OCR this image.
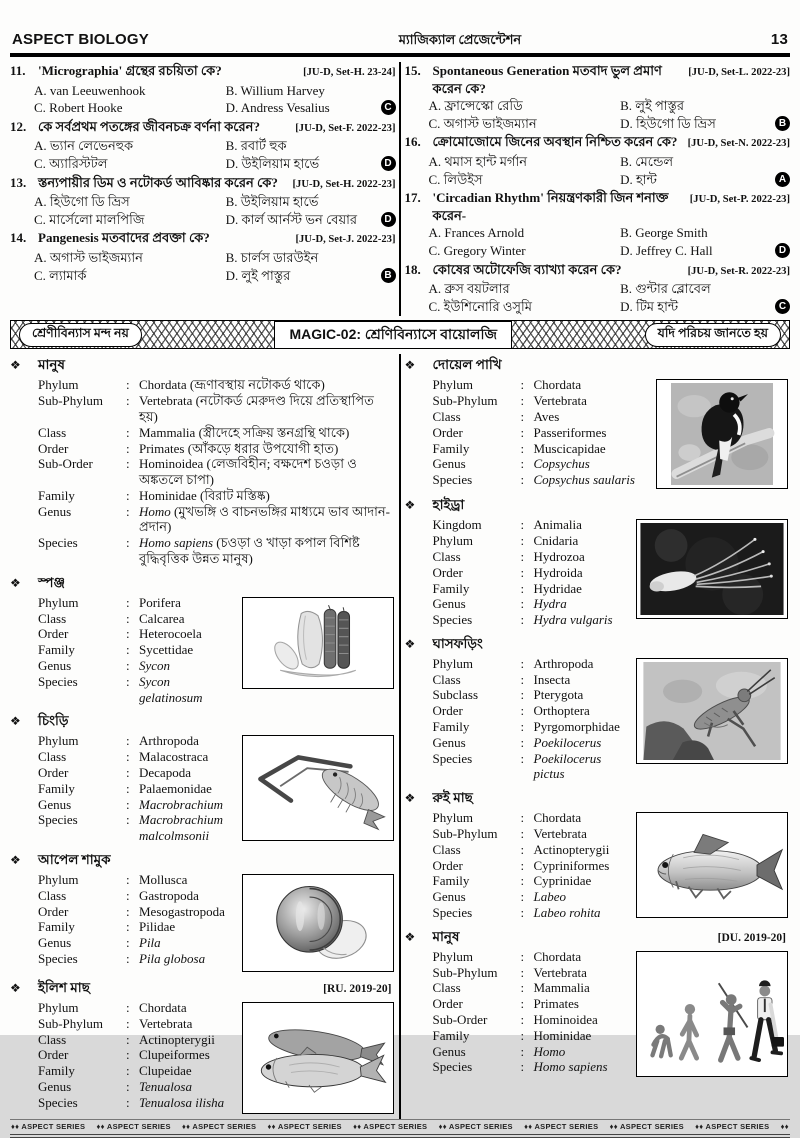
ASPECT BIOLOGY	ম্যাজিক্যাল প্রেজেন্টেশন	13
11. 'Micrographia' গ্রন্থের রচয়িতা কে?	[JU-D, Set-H. 23-24]
A. van Leeuwenhook	B. Willium Harvey
C. Robert Hooke	D. Andress Vesalius	C
12. কে সর্বপ্রথম পতঙ্গের জীবনচক্র বর্ণনা করেন?	[JU-D, Set-F. 2022-23]
A. ভ্যান লেভেনহুক	B. রবার্ট হুক
C. অ্যারিস্টটল	D. উইলিয়াম হার্ভে	D
13. স্তন্যপায়ীর ডিম ও নটোকর্ড আবিষ্কার করেন কে? [JU-D, Set-H. 2022-23]
A. হিউগো ডি ভ্রিস	B. উইলিয়াম হার্ভে
C. মার্সেলো মালপিজি	D. কার্ল আর্নস্ট ভন বেয়ার	D
14. Pangenesis মতবাদের প্রবক্তা কে?	[JU-D, Set-J. 2022-23]
A. অগাস্ট ভাইজম্যান	B. চার্লস ডারউইন
C. ল্যামার্ক	D. লুই পাস্তুর	B
15. Spontaneous Generation মতবাদ ভুল প্রমাণ করেন কে?
[JU-D, Set-L. 2022-23]
A. ফ্রান্সেস্কো রেডি	B. লুই পাস্তুর
C. অগাস্ট ভাইজম্যান	D. হিউগো ডি ভ্রিস	B
16. ক্রোমোজোমে জিনের অবস্থান নিশ্চিত করেন কে? [JU-D, Set-N. 2022-23]
A. থমাস হান্ট মর্গান	B. মেন্ডেল
C. লিউইস	D. হান্ট	A
17. 'Circadian Rhythm' নিয়ন্ত্রণকারী জিন শনাক্ত করেন-
[JU-D, Set-P. 2022-23]
A. Frances Arnold	B. George Smith
C. Gregory Winter	D. Jeffrey C. Hall	D
18. কোষের অটোফেজি ব্যাখ্যা করেন কে?	[JU-D, Set-R. 2022-23]
A. ব্রুস বয়টলার	B. গুন্টার ব্লোবেল
C. ইউশিনোরি ওসুমি	D. টিম হান্ট	C
শ্রেণীবিন্যাস মন্দ নয়	MAGIC-02: শ্রেণিবিন্যাসে বায়োলজি	যদি পরিচয় জানতে হয়
❖	মানুষ
Phylum	: Chordata (ভ্রূণাবস্থায় নটোকর্ড থাকে)
Sub-Phylum	: Vertebrata (নটোকর্ড মেরুদণ্ড দিয়ে প্রতিস্থাপিত হয়)
Class	: Mammalia (স্ত্রীদেহে সক্রিয় স্তনগ্রন্থি থাকে)
Order	: Primates (আঁকড়ে ধরার উপযোগী হাত)
Sub-Order	: Hominoidea (লেজবিহীন; বক্ষদেশ চওড়া ও অঙ্কতলে চাপা)
Family	: Hominidae (বিরাট মস্তিষ্ক)
Genus	: Homo (মুখভঙ্গি ও বাচনভঙ্গির মাধ্যমে ভাব আদান-প্রদান)
Species	: Homo sapiens (চওড়া ও খাড়া কপাল বিশিষ্ট বুদ্ধিবৃত্তিক উন্নত মানুষ)
❖	স্পঞ্জ
Phylum	: Porifera
Class	: Calcarea
Order	: Heterocoela
Family	: Sycettidae
Genus	: Sycon
Species	: Sycon gelatinosum
❖	চিংড়ি
Phylum	: Arthropoda
Class	: Malacostraca
Order	: Decapoda
Family	: Palaemonidae
Genus	: Macrobrachium
Species	: Macrobrachium malcolmsonii
❖	আপেল শামুক
Phylum	: Mollusca
Class	: Gastropoda
Order	: Mesogastropoda
Family	: Pilidae
Genus	: Pila
Species	: Pila globosa
❖	ইলিশ মাছ	[RU. 2019-20]
Phylum	: Chordata
Sub-Phylum	: Vertebrata
Class	: Actinopterygii
Order	: Clupeiformes
Family	: Clupeidae
Genus	: Tenualosa
Species	: Tenualosa ilisha
❖	দোয়েল পাখি
Phylum	: Chordata
Sub-Phylum	: Vertebrata
Class	: Aves
Order	: Passeriformes
Family	: Muscicapidae
Genus	: Copsychus
Species	: Copsychus saularis
❖	হাইড্রা
Kingdom	: Animalia
Phylum	: Cnidaria
Class	: Hydrozoa
Order	: Hydroida
Family	: Hydridae
Genus	: Hydra
Species	: Hydra vulgaris
❖	ঘাসফড়িং
Phylum	: Arthropoda
Class	: Insecta
Subclass	: Pterygota
Order	: Orthoptera
Family	: Pyrgomorphidae
Genus	: Poekilocerus
Species	: Poekilocerus pictus
❖	রুই মাছ
Phylum	: Chordata
Sub-Phylum	: Vertebrata
Class	: Actinopterygii
Order	: Cypriniformes
Family	: Cyprinidae
Genus	: Labeo
Species	: Labeo rohita
❖	মানুষ	[DU. 2019-20]
Phylum	: Chordata
Sub-Phylum	: Vertebrata
Class	: Mammalia
Order	: Primates
Sub-Order	: Hominoidea
Family	: Hominidae
Genus	: Homo
Species	: Homo sapiens
♦♦ ASPECT SERIES ♦♦ ASPECT SERIES ♦♦ ASPECT SERIES ♦♦ ASPECT SERIES ♦♦ ASPECT SERIES ♦♦ ASPECT SERIES ♦♦ ASPECT SERIES ♦♦ ASPECT SERIES ♦♦ ASPECT SERIES ♦♦
